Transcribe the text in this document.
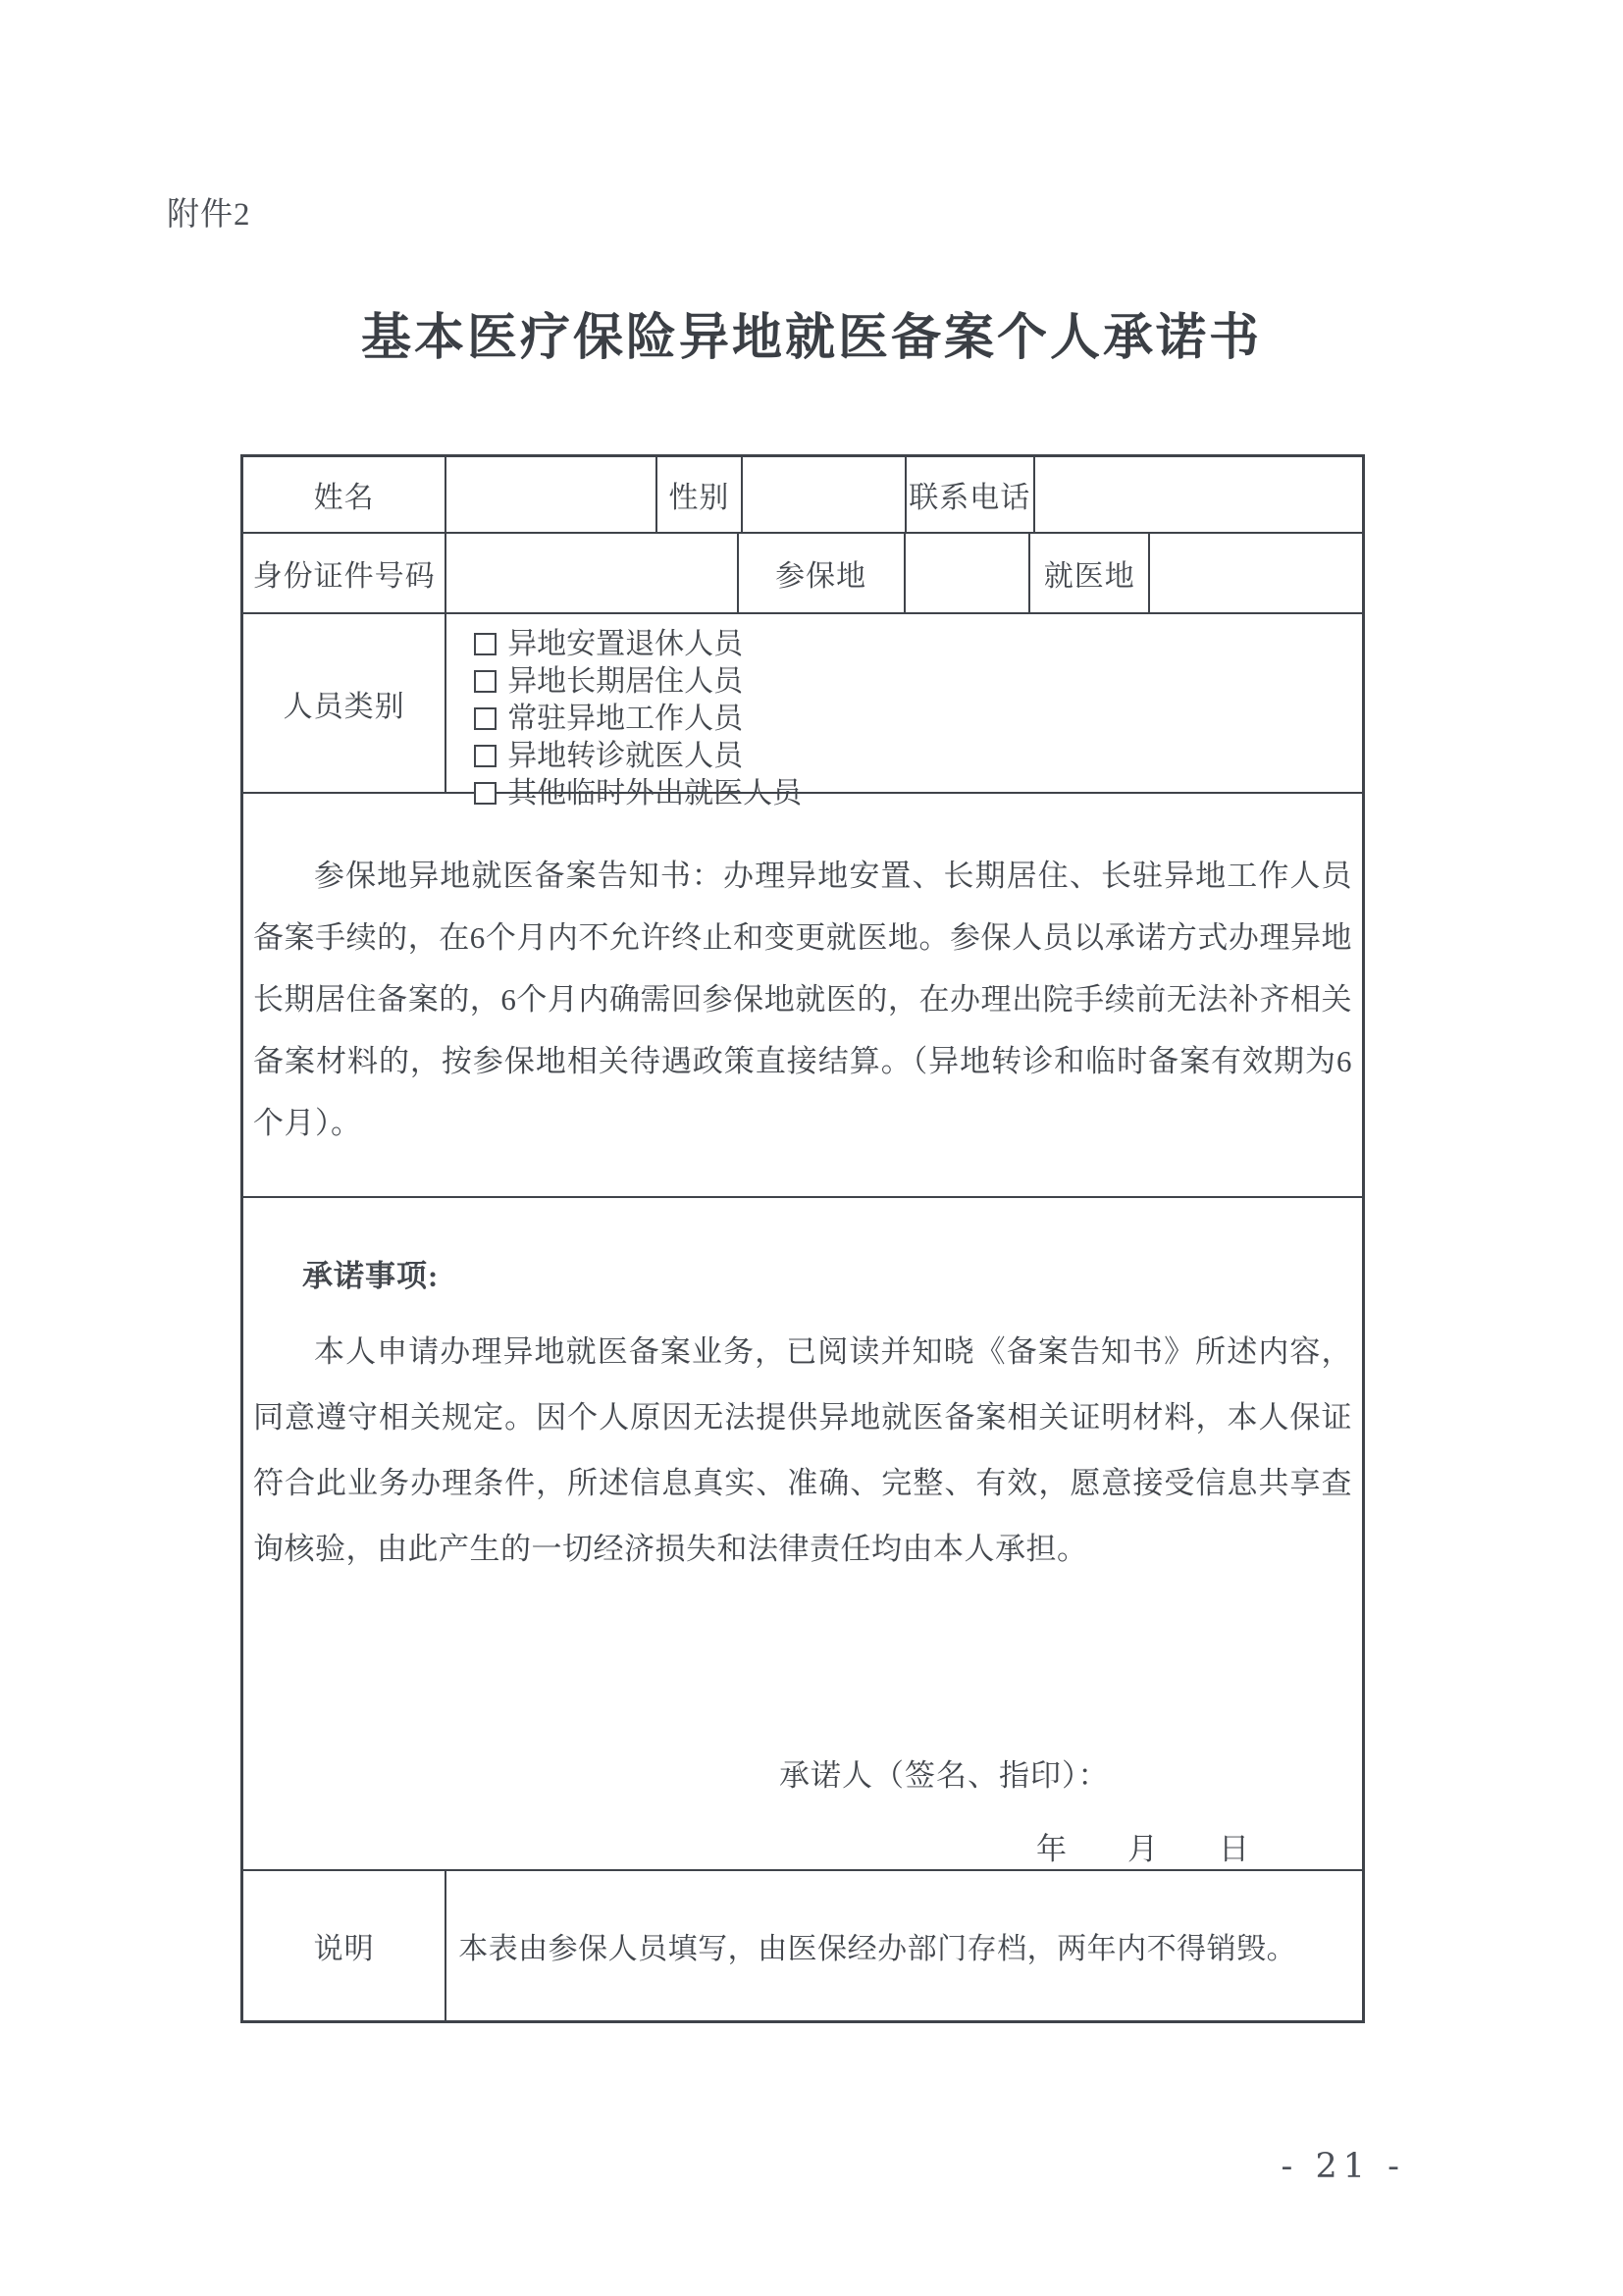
附件2
基本医疗保险异地就医备案个人承诺书
姓名	性别	联系电话
身份证件号码	参保地	就医地
人员类别
异地安置退休人员
异地长期居住人员
常驻异地工作人员
异地转诊就医人员
其他临时外出就医人员

参保地异地就医备案告知书：办理异地安置、长期居住、长驻异地工作人员备案手续的，在6个月内不允许终止和变更就医地。参保人员以承诺方式办理异地长期居住备案的，6个月内确需回参保地就医的，在办理出院手续前无法补齐相关备案材料的，按参保地相关待遇政策直接结算。（异地转诊和临时备案有效期为6个月）。

承诺事项:

本人申请办理异地就医备案业务，已阅读并知晓《备案告知书》所述内容，同意遵守相关规定。因个人原因无法提供异地就医备案相关证明材料，本人保证符合此业务办理条件，所述信息真实、准确、完整、有效，愿意接受信息共享查询核验，由此产生的一切经济损失和法律责任均由本人承担。

承诺人（签名、指印）：
年　　月　　日
说明	本表由参保人员填写，由医保经办部门存档，两年内不得销毁。
- 21 -
